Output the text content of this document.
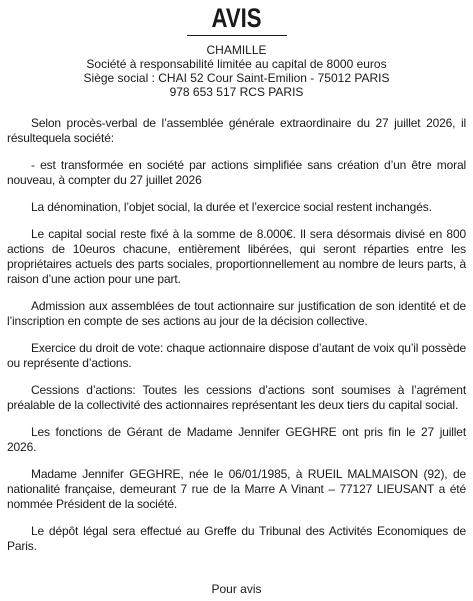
AVIS
CHAMILLE
Société à responsabilité limitée au capital de 8000 euros
Siège social : CHAI 52 Cour Saint-Emilion - 75012 PARIS
978 653 517 RCS PARIS

Selon procès-verbal de l’assemblée générale extraordinaire du 27 juillet 2026, il résultequela société:

- est transformée en société par actions simplifiée sans création d’un être moral nouveau, à compter du 27 juillet 2026

La dénomination, l’objet social, la durée et l’exercice social restent inchangés.

Le capital social reste fixé à la somme de 8.000€. Il sera désormais divisé en 800 actions de 10euros chacune, entièrement libérées, qui seront réparties entre les propriétaires actuels des parts sociales, proportionnellement au nombre de leurs parts, à raison d’une action pour une part.

Admission aux assemblées de tout actionnaire sur justification de son identité et de l’inscription en compte de ses actions au jour de la décision collective.

Exercice du droit de vote: chaque actionnaire dispose d’autant de voix qu’il possède ou représente d’actions.

Cessions d’actions: Toutes les cessions d’actions sont soumises à l’agrément préalable de la collectivité des actionnaires représentant les deux tiers du capital social.

Les fonctions de Gérant de Madame Jennifer GEGHRE ont pris fin le 27 juillet 2026.

Madame Jennifer GEGHRE, née le 06/01/1985, à RUEIL MALMAISON (92), de nationalité française, demeurant 7 rue de la Marre A Vinant – 77127 LIEUSANT a été nommée Président de la société.

Le dépôt légal sera effectué au Greffe du Tribunal des Activités Economiques de Paris.

Pour avis
